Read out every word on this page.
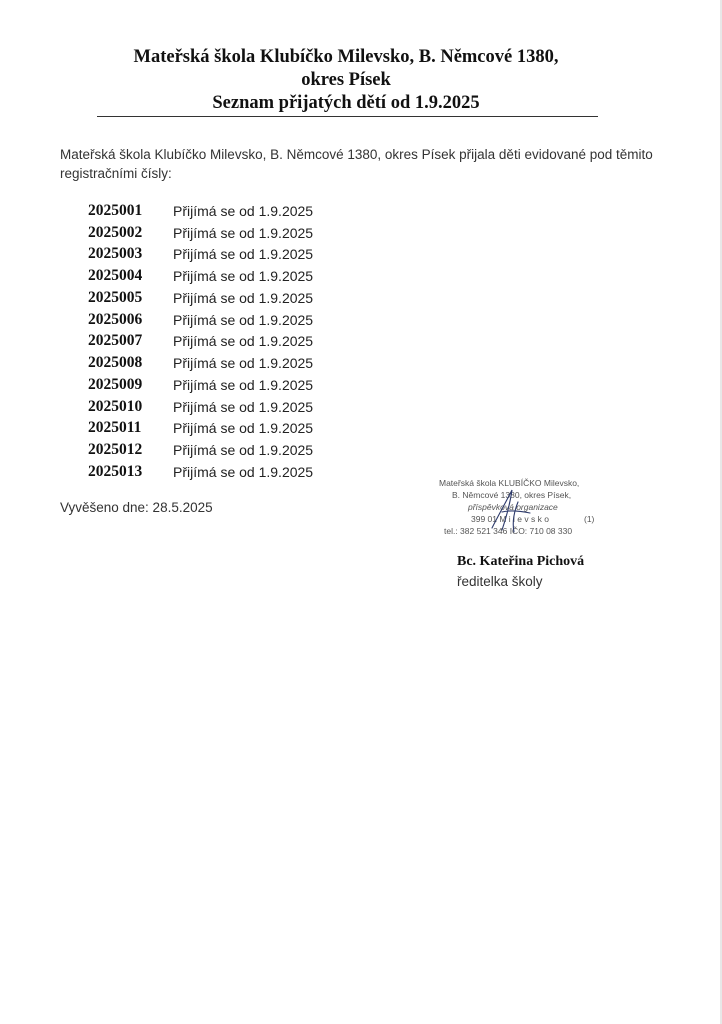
Mateřská škola Klubíčko Milevsko, B. Němcové 1380,
okres Písek
Seznam přijatých dětí od 1.9.2025
Mateřská škola Klubíčko Milevsko, B. Němcové 1380, okres Písek přijala děti evidované pod těmito
registračními čísly:
2025001	Přijímá se od 1.9.2025
2025002	Přijímá se od 1.9.2025
2025003	Přijímá se od 1.9.2025
2025004	Přijímá se od 1.9.2025
2025005	Přijímá se od 1.9.2025
2025006	Přijímá se od 1.9.2025
2025007	Přijímá se od 1.9.2025
2025008	Přijímá se od 1.9.2025
2025009	Přijímá se od 1.9.2025
2025010	Přijímá se od 1.9.2025
2025011	Přijímá se od 1.9.2025
2025012	Přijímá se od 1.9.2025
2025013	Přijímá se od 1.9.2025
Vyvěšeno dne: 28.5.2025
Mateřská škola KLUBÍČKO Milevsko,
B. Němcové 1380, okres Písek,
příspěvková organizace
399 01 M i l e v s k o	(1)
tel.: 382 521 346 IČO: 710 08 330
Bc. Kateřina Pichová
ředitelka školy
